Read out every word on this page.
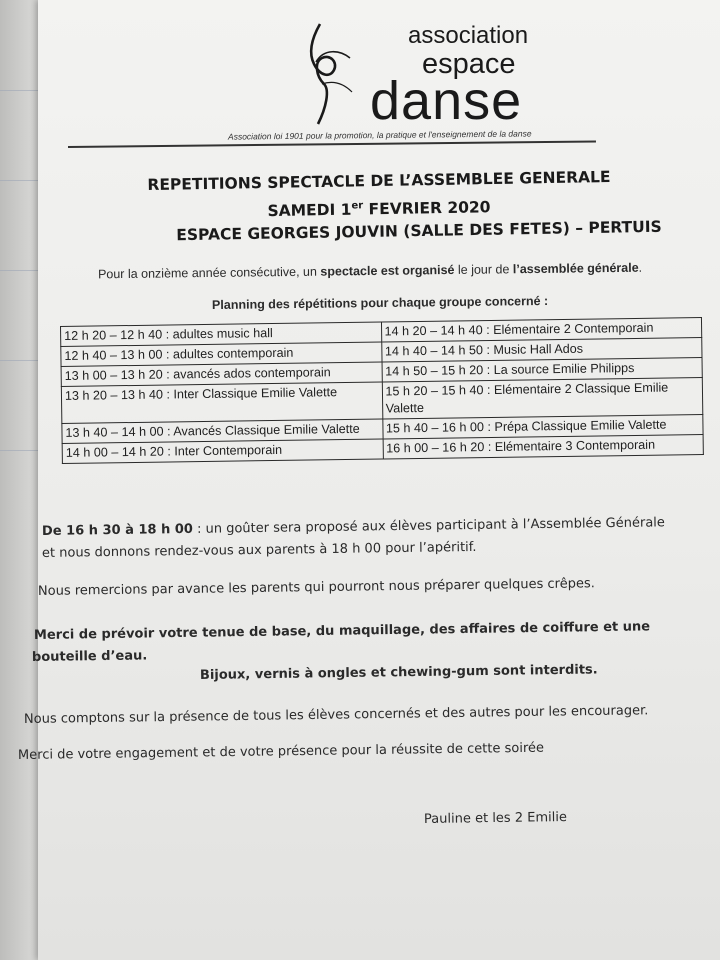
association
espace
danse
Association loi 1901 pour la promotion, la pratique et l'enseignement de la danse
REPETITIONS SPECTACLE DE L’ASSEMBLEE GENERALE
SAMEDI 1er FEVRIER 2020
ESPACE GEORGES JOUVIN (SALLE DES FETES) – PERTUIS
Pour la onzième année consécutive, un spectacle est organisé le jour de l’assemblée générale.
Planning des répétitions pour chaque groupe concerné :
12 h 20 – 12 h 40 : adultes music hall	14 h 20 – 14 h 40 : Elémentaire 2 Contemporain
12 h 40 – 13 h 00 : adultes contemporain	14 h 40 – 14 h 50 : Music Hall Ados
13 h 00 – 13 h 20 : avancés ados contemporain	14 h 50 – 15 h 20 : La source Emilie Philipps
13 h 20 – 13 h 40 : Inter Classique Emilie Valette	15 h 20 – 15 h 40 : Elémentaire 2 Classique Emilie Valette
13 h 40 – 14 h 00 : Avancés Classique Emilie Valette	15 h 40 – 16 h 00 : Prépa Classique Emilie Valette
14 h 00 – 14 h 20 : Inter Contemporain	16 h 00 – 16 h 20 : Elémentaire 3 Contemporain
De 16 h 30 à 18 h 00 : un goûter sera proposé aux élèves participant à l’Assemblée Générale
et nous donnons rendez-vous aux parents à 18 h 00 pour l’apéritif.
Nous remercions par avance les parents qui pourront nous préparer quelques crêpes.
Merci de prévoir votre tenue de base, du maquillage, des affaires de coiffure et une
bouteille d’eau.
Bijoux, vernis à ongles et chewing-gum sont interdits.
Nous comptons sur la présence de tous les élèves concernés et des autres pour les encourager.
Merci de votre engagement et de votre présence pour la réussite de cette soirée
Pauline et les 2 Emilie
